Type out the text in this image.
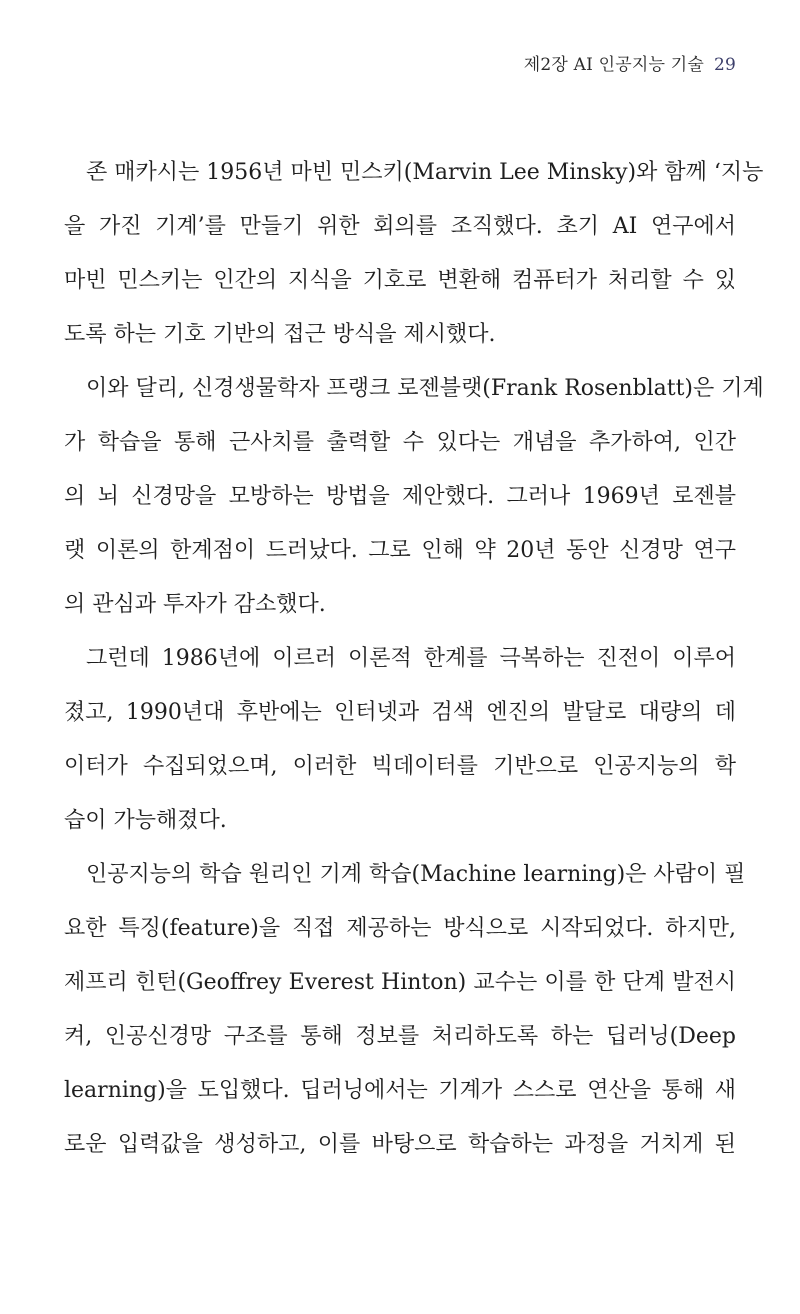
제2장 AI 인공지능 기술 29
존 매카시는 1956년 마빈 민스키(Marvin Lee Minsky)와 함께 ‘지능
을 가진 기계’를 만들기 위한 회의를 조직했다. 초기 AI 연구에서
마빈 민스키는 인간의 지식을 기호로 변환해 컴퓨터가 처리할 수 있
도록 하는 기호 기반의 접근 방식을 제시했다.
이와 달리, 신경생물학자 프랭크 로젠블랫(Frank Rosenblatt)은 기계
가 학습을 통해 근사치를 출력할 수 있다는 개념을 추가하여, 인간
의 뇌 신경망을 모방하는 방법을 제안했다. 그러나 1969년 로젠블
랫 이론의 한계점이 드러났다. 그로 인해 약 20년 동안 신경망 연구
의 관심과 투자가 감소했다.
그런데 1986년에 이르러 이론적 한계를 극복하는 진전이 이루어
졌고, 1990년대 후반에는 인터넷과 검색 엔진의 발달로 대량의 데
이터가 수집되었으며, 이러한 빅데이터를 기반으로 인공지능의 학
습이 가능해졌다.
인공지능의 학습 원리인 기계 학습(Machine learning)은 사람이 필
요한 특징(feature)을 직접 제공하는 방식으로 시작되었다. 하지만,
제프리 힌턴(Geoffrey Everest Hinton) 교수는 이를 한 단계 발전시
켜, 인공신경망 구조를 통해 정보를 처리하도록 하는 딥러닝(Deep
learning)을 도입했다. 딥러닝에서는 기계가 스스로 연산을 통해 새
로운 입력값을 생성하고, 이를 바탕으로 학습하는 과정을 거치게 된
